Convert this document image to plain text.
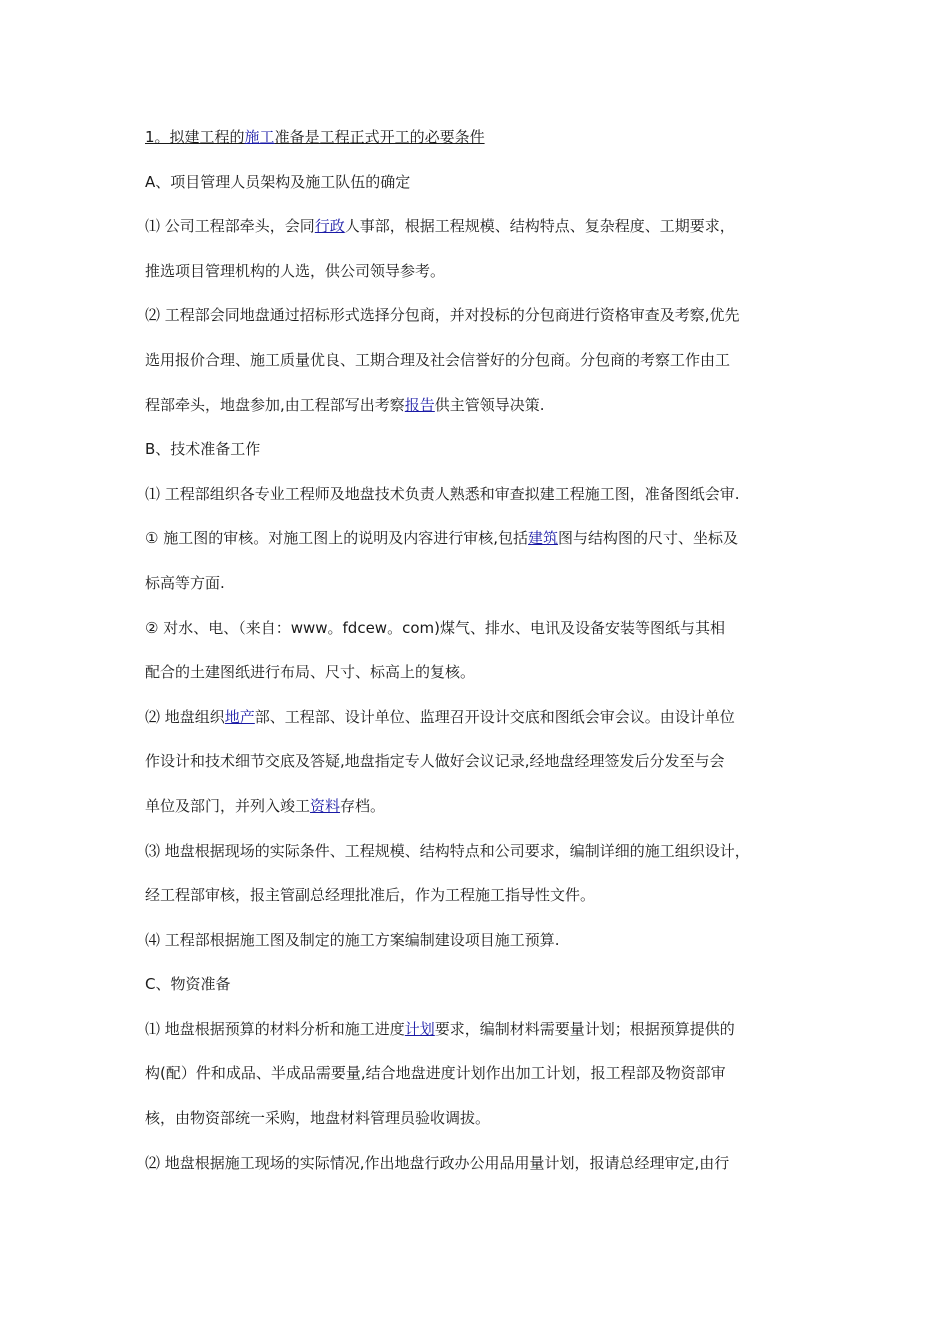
1。拟建工程的施工准备是工程正式开工的必要条件
A、项目管理人员架构及施工队伍的确定
⑴ 公司工程部牵头，会同行政人事部，根据工程规模、结构特点、复杂程度、工期要求，
推选项目管理机构的人选，供公司领导参考。
⑵ 工程部会同地盘通过招标形式选择分包商，并对投标的分包商进行资格审查及考察,优先
选用报价合理、施工质量优良、工期合理及社会信誉好的分包商。分包商的考察工作由工
程部牵头，地盘参加,由工程部写出考察报告供主管领导决策.
B、技术准备工作
⑴ 工程部组织各专业工程师及地盘技术负责人熟悉和审查拟建工程施工图，准备图纸会审.
① 施工图的审核。对施工图上的说明及内容进行审核,包括建筑图与结构图的尺寸、坐标及
标高等方面.
② 对水、电、（来自：www。fdcew。com)煤气、排水、电讯及设备安装等图纸与其相
配合的土建图纸进行布局、尺寸、标高上的复核。
⑵ 地盘组织地产部、工程部、设计单位、监理召开设计交底和图纸会审会议。由设计单位
作设计和技术细节交底及答疑,地盘指定专人做好会议记录,经地盘经理签发后分发至与会
单位及部门，并列入竣工资料存档。
⑶ 地盘根据现场的实际条件、工程规模、结构特点和公司要求，编制详细的施工组织设计，
经工程部审核，报主管副总经理批准后，作为工程施工指导性文件。
⑷ 工程部根据施工图及制定的施工方案编制建设项目施工预算.
C、物资准备
⑴ 地盘根据预算的材料分析和施工进度计划要求，编制材料需要量计划；根据预算提供的
构(配）件和成品、半成品需要量,结合地盘进度计划作出加工计划，报工程部及物资部审
核，由物资部统一采购，地盘材料管理员验收调拔。
⑵ 地盘根据施工现场的实际情况,作出地盘行政办公用品用量计划，报请总经理审定,由行
